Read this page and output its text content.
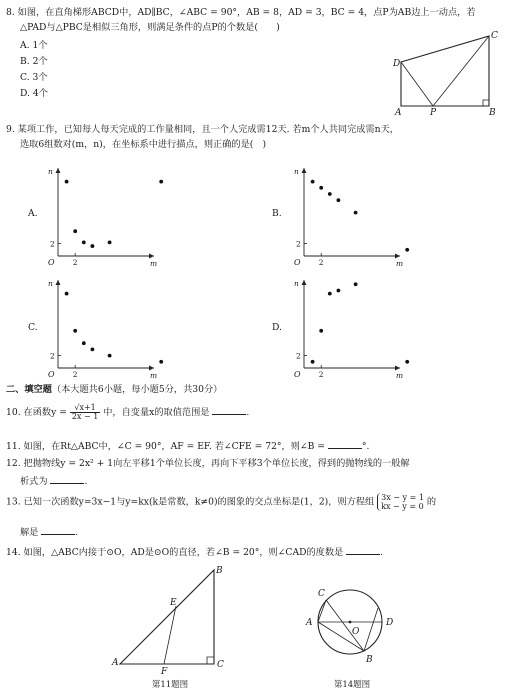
8. 如图，在直角梯形ABCD中，AD∥BC，∠ABC = 90°，AB = 8，AD = 3，BC = 4，点P为AB边上一动点，若
△PAD与△PBC是相似三角形，则满足条件的点P的个数是(　　)
A. 1个
B. 2个
C. 3个
D. 4个
D
C
A	B
P
9. 某项工作，已知每人每天完成的工作量相同，且一个人完成需12天. 若m个人共同完成需n天，
选取6组数对(m，n)，在坐标系中进行描点，则正确的是(　)
A.	B.
C.	D.
O 2
2
m
n
O 2
2
m
n
O 2
2
m
n
O 2
2
m
n
二、填空题（本大题共6小题，每小题5分，共30分）
10. 在函数$y = \frac{√x+1}{2x - 1}$ 中，自变量x的取值范围是	.
11. 如图，在Rt△ABC中，∠C = 90°，AF = EF. 若∠CFE = 72°，则∠B =	°.
12. 把抛物线y = 2x² + 1向左平移1个单位长度，再向下平移3个单位长度，得到的抛物线的一般解
析式为	.
13. 已知一次函数y=3x−1与y=kx(k是常数，k≠0)的图象的交点坐标是(1，2)，则方程组 3x − y = 1
kx − y = 0 的
解是	.
14. 如图，△ABC内接于⊙O，AD是⊙O的直径，若∠B = 20°，则∠CAD的度数是	.
A
B
C
E
F
第11题图
A
C
D
B
O
第14题图
